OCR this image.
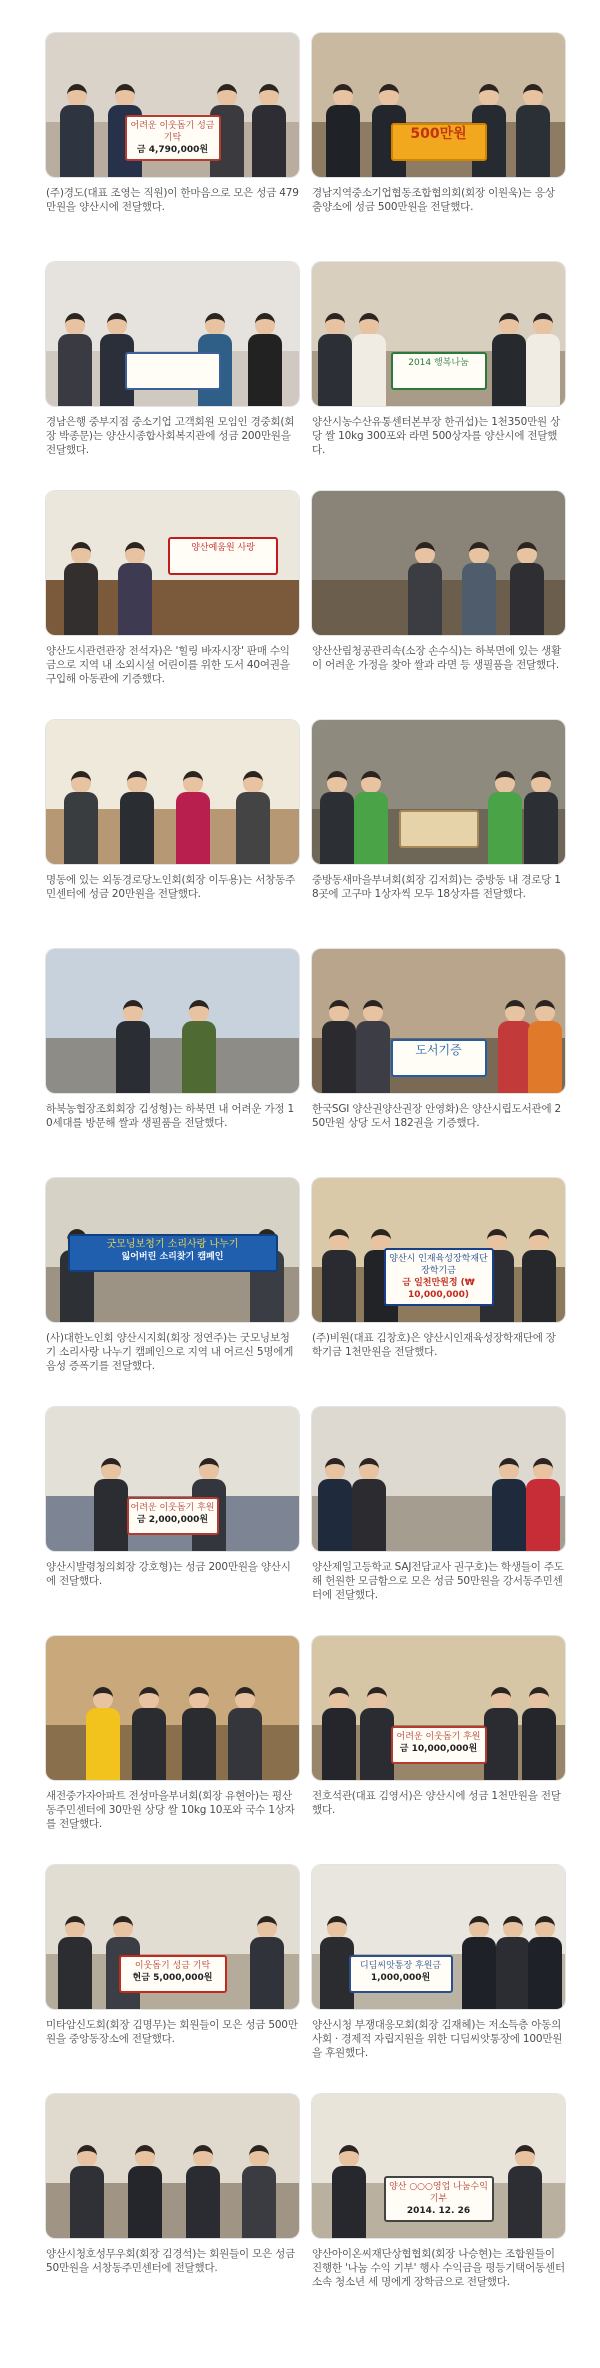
어려운 이웃돕기 성금 기탁
금 4,790,000원
(주)경도(대표 조영는 직원)이 한마음으로 모은 성금 479만원을 양산시에 전달했다.
500만원
경남지역중소기업협동조합협의회(회장 이원욱)는 응상 춤양소에 성금 500만원을 전달했다.
경남은행 중부지점 중소기업 고객회원 모임인 경중회(회장 박종문)는 양산시종합사회복지관에 성금 200만원을 전달했다.
2014 행복나눔
양산시농수산유통센터본부장 한귀섭)는 1천350만원 상당 쌀 10kg 300포와 라면 500상자를 양산시에 전달했다.
양산예움원 사랑
양산도시관련관장 전석자)은 '힐링 바자시장' 판매 수익금으로 지역 내 소외시설 어린이를 위한 도서 40여권을 구입해 아동관에 기증했다.
양산산림청공관리속(소장 손수식)는 하북면에 있는 생활이 어려운 가정을 찾아 쌀과 라면 등 생필품을 전달했다.
명동에 있는 외동경로당노인회(회장 이두용)는 서창동주민센터에 성금 20만원을 전달했다.
중방동새마을부녀회(회장 김저희)는 중방동 내 경로당 18곳에 고구마 1상자씩 모두 18상자를 전달했다.
하북농협장조회회장 김성형)는 하북면 내 어려운 가정 10세대를 방문해 쌀과 생필품을 전달했다.
도서기증
한국SGI 양산권양산권장 안영화)은 양산시립도서관에 250만원 상당 도서 182권을 기증했다.
굿모닝보청기 소리사랑 나누기
잃어버린 소리찾기 캠페인
(사)대한노인회 양산시지회(회장 정연주)는 굿모닝보청기 소리사랑 나누기 캠페인으로 지역 내 어르신 5명에게 음성 증폭기를 전달했다.
양산시 인재육성장학재단 장학기금
금 일천만원정 (₩ 10,000,000)
(주)비원(대표 김창호)은 양산시인재육성장학재단에 장학기금 1천만원을 전달했다.
어려운 이웃돕기 후원
금 2,000,000원
양산시발령청의회장 강호형)는 성금 200만원을 양산시에 전달했다.
양산제일고등학교 SAJ전담교사 권구호)는 학생들이 주도해 헌원한 모금함으로 모은 성금 50만원을 강서동주민센터에 전달했다.
새전중가자아파트 전성마을부녀회(회장 유현아)는 평산동주민센터에 30만원 상당 쌀 10kg 10포와 국수 1상자를 전달했다.
어려운 이웃돕기 후원
금 10,000,000원
전호석관(대표 김영서)은 양산시에 성금 1천만원을 전달했다.
이웃돕기 성금 기탁
현금 5,000,000원
미타암신도회(회장 김명무)는 회원들이 모은 성금 500만원을 중앙동장소에 전달했다.
디딤씨앗통장 후원금
1,000,000원
양산시청 부쟁대응모회(회장 김재헤)는 저소득층 아동의 사회 · 경제적 자립지원을 위한 디딤씨앗통장에 100만원을 후원했다.
양산시청호성무우회(회장 김경석)는 회원들이 모은 성금 50만원을 서창동주민센터에 전달했다.
양산 ○○○영업 나눔수익 기부
2014. 12. 26
양산아이온씨재단상협협회(회장 나승현)는 조합원들이 진행한 '나눔 수익 기부' 행사 수익금을 평등기택어동센터 소속 청소년 세 명에게 장학금으로 전달했다.
